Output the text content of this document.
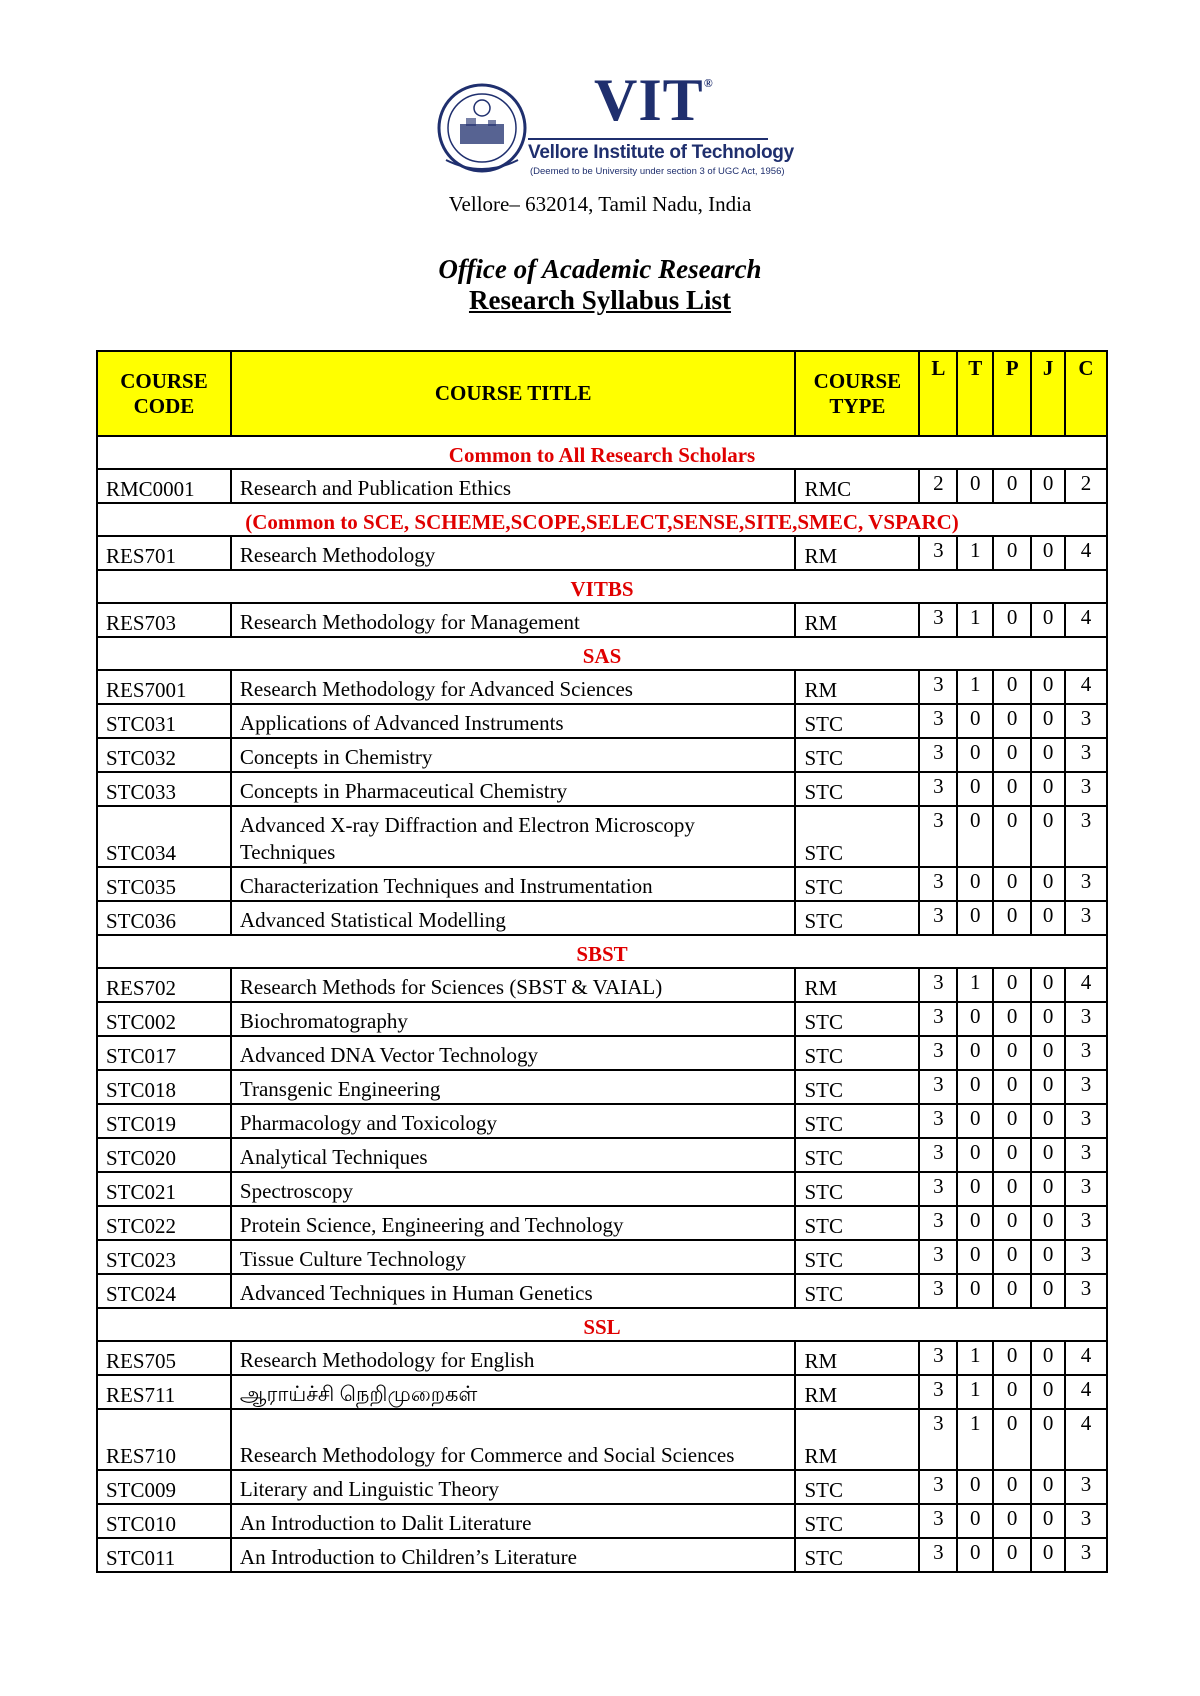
VIT®
Vellore Institute of Technology
(Deemed to be University under section 3 of UGC Act, 1956)
Vellore– 632014, Tamil Nadu, India
Office of Academic Research
Research Syllabus List
COURSE CODE	COURSE TITLE	COURSE TYPE	L	T	P	J	C
Common to All Research Scholars							
RMC0001	Research and Publication Ethics	RMC	2	0	0	0	2
(Common to SCE, SCHEME,SCOPE,SELECT,SENSE,SITE,SMEC, VSPARC)							
RES701	Research Methodology	RM	3	1	0	0	4
VITBS							
RES703	Research Methodology for Management	RM	3	1	0	0	4
SAS							
RES7001	Research Methodology for Advanced Sciences	RM	3	1	0	0	4
STC031	Applications of Advanced Instruments	STC	3	0	0	0	3
STC032	Concepts in Chemistry	STC	3	0	0	0	3
STC033	Concepts in Pharmaceutical Chemistry	STC	3	0	0	0	3
STC034	Advanced X-ray Diffraction and Electron Microscopy Techniques	STC	3	0	0	0	3
STC035	Characterization Techniques and Instrumentation	STC	3	0	0	0	3
STC036	Advanced Statistical Modelling	STC	3	0	0	0	3
SBST							
RES702	Research Methods for Sciences (SBST & VAIAL)	RM	3	1	0	0	4
STC002	Biochromatography	STC	3	0	0	0	3
STC017	Advanced DNA Vector Technology	STC	3	0	0	0	3
STC018	Transgenic Engineering	STC	3	0	0	0	3
STC019	Pharmacology and Toxicology	STC	3	0	0	0	3
STC020	Analytical Techniques	STC	3	0	0	0	3
STC021	Spectroscopy	STC	3	0	0	0	3
STC022	Protein Science, Engineering and Technology	STC	3	0	0	0	3
STC023	Tissue Culture Technology	STC	3	0	0	0	3
STC024	Advanced Techniques in Human Genetics	STC	3	0	0	0	3
SSL							
RES705	Research Methodology for English	RM	3	1	0	0	4
RES711	ஆராய்ச்சி நெறிமுறைகள்	RM	3	1	0	0	4
RES710	Research Methodology for Commerce and Social Sciences	RM	3	1	0	0	4
STC009	Literary and Linguistic Theory	STC	3	0	0	0	3
STC010	An Introduction to Dalit Literature	STC	3	0	0	0	3
STC011	An Introduction to Children’s Literature	STC	3	0	0	0	3
